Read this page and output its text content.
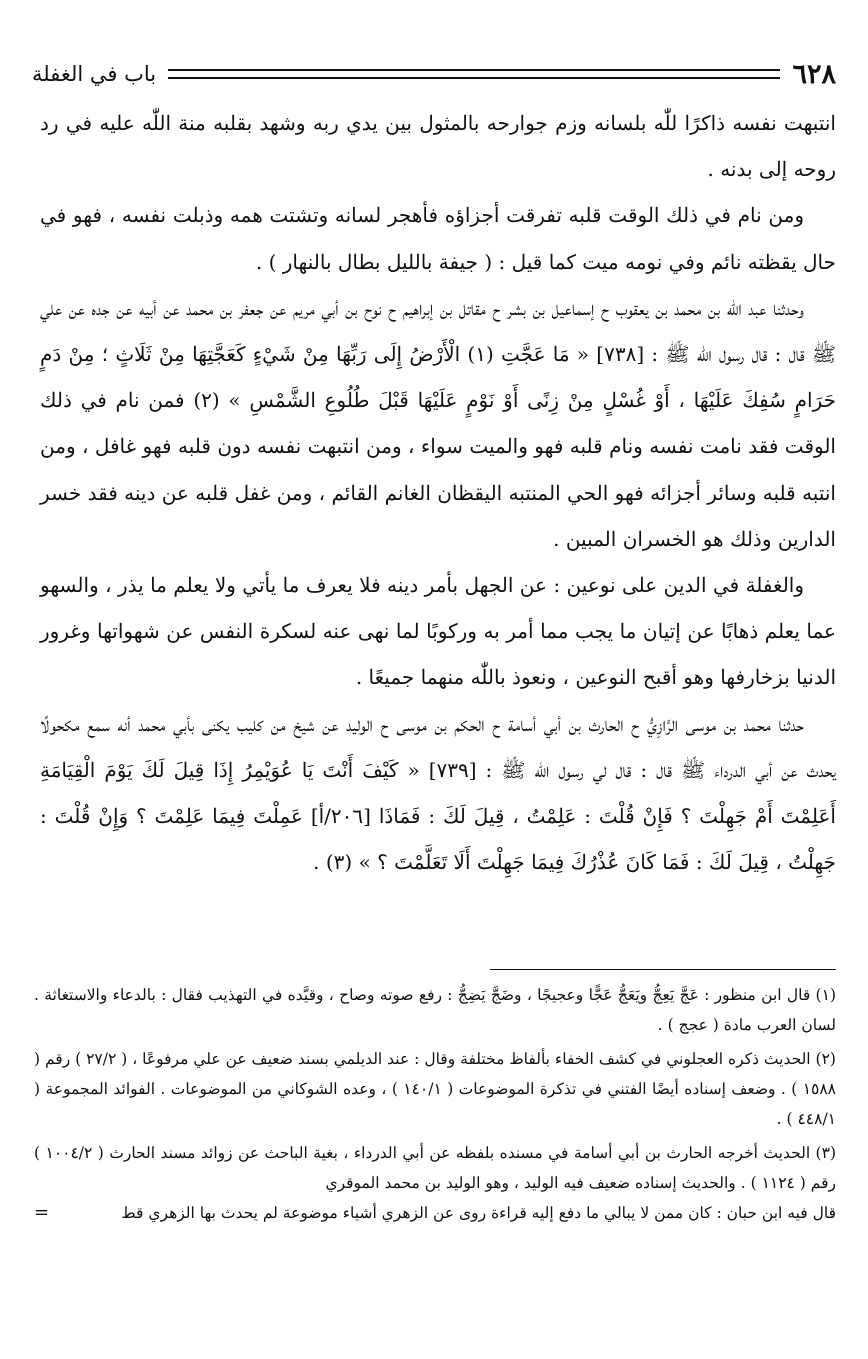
٦٢٨
باب في الغفلة

انتبهت نفسه ذاكرًا للّٰه بلسانه وزم جوارحه بالمثول بين يدي ربه وشهد بقلبه منة اللّٰه عليه في رد روحه إلى بدنه .

ومن نام في ذلك الوقت قلبه تفرقت أجزاؤه فأهجر لسانه وتشتت همه وذبلت نفسه ، فهو في حال يقظته نائم وفي نومه ميت كما قيل : ( جيفة بالليل بطال بالنهار ) .

وحدثنا عبد اللّٰه بن محمد بن يعقوب ح إسماعيل بن بشر ح مقاتل بن إبراهيم ح نوح بن أبي مريم عن جعفر بن محمد عن أبيه عن جده عن علي ﷺ قال : قال رسول اللّٰه ﷺ : [٧٣٨] « مَا عَجَّتِ (١) الْأَرْضُ إِلَى رَبِّهَا مِنْ شَيْءٍ كَعَجَّتِهَا مِنْ ثَلَاثٍ ؛ مِنْ دَمٍ حَرَامٍ سُفِكَ عَلَيْهَا ، أَوْ غُسْلٍ مِنْ زِنًى أَوْ نَوْمٍ عَلَيْهَا قَبْلَ طُلُوعِ الشَّمْسِ » (٢) فمن نام في ذلك الوقت فقد نامت نفسه ونام قلبه فهو والميت سواء ، ومن انتبهت نفسه دون قلبه فهو غافل ، ومن انتبه قلبه وسائر أجزائه فهو الحي المنتبه اليقظان الغانم القائم ، ومن غفل قلبه عن دينه فقد خسر الدارين وذلك هو الخسران المبين .

والغفلة في الدين على نوعين : عن الجهل بأمر دينه فلا يعرف ما يأتي ولا يعلم ما يذر ، والسهو عما يعلم ذهابًا عن إتيان ما يجب مما أمر به وركوبًا لما نهى عنه لسكرة النفس عن شهواتها وغرور الدنيا بزخارفها وهو أقبح النوعين ، ونعوذ باللّٰه منهما جميعًا .

حدثنا محمد بن موسى الرَّازِيُّ ح الحارث بن أبي أسامة ح الحكم بن موسى ح الوليد عن شيخ من كليب يكنى بأبي محمد أنه سمع مكحولًا يحدث عن أبي الدرداء ﷺ قال : قال لي رسول اللّٰه ﷺ : [٧٣٩] « كَيْفَ أَنْتَ يَا عُوَيْمِرُ إِذَا قِيلَ لَكَ يَوْمَ الْقِيَامَةِ أَعَلِمْتَ أَمْ جَهِلْتَ ؟ فَإِنْ قُلْتَ : عَلِمْتُ ، قِيلَ لَكَ : فَمَاذَا [٢٠٦/أ] عَمِلْتَ فِيمَا عَلِمْتَ ؟ وَإِنْ قُلْتَ : جَهِلْتُ ، قِيلَ لَكَ : فَمَا كَانَ عُذْرُكَ فِيمَا جَهِلْتَ أَلَا تَعَلَّمْتَ ؟ » (٣) .

(١) قال ابن منظور : عَجَّ يَعِجُّ ويَعَجُّ عَجًّا وعجيجًا ، وضَجَّ يَضِجُّ : رفع صوته وصاح ، وقيَّده في التهذيب فقال : بالدعاء والاستغاثة . لسان العرب مادة ( عجج ) .

(٢) الحديث ذكره العجلوني في كشف الخفاء بألفاظ مختلفة وقال : عند الديلمي بسند ضعيف عن علي مرفوعًا ، ( ٢٧/٢ ) رقم ( ١٥٨٨ ) . وضعف إسناده أيضًا الفتني في تذكرة الموضوعات ( ١٤٠/١ ) ، وعده الشوكاني من الموضوعات . الفوائد المجموعة ( ٤٤٨/١ ) .

(٣) الحديث أخرجه الحارث بن أبي أسامة في مسنده بلفظه عن أبي الدرداء ، بغية الباحث عن زوائد مسند الحارث ( ١٠٠٤/٢ ) رقم ( ١١٢٤ ) . والحديث إسناده ضعيف فيه الوليد ، وهو الوليد بن محمد الموقري

قال فيه ابن حبان : كان ممن لا يبالي ما دفع إليه قراءة روى عن الزهري أشياء موضوعة لم يحدث بها الزهري قط
=
